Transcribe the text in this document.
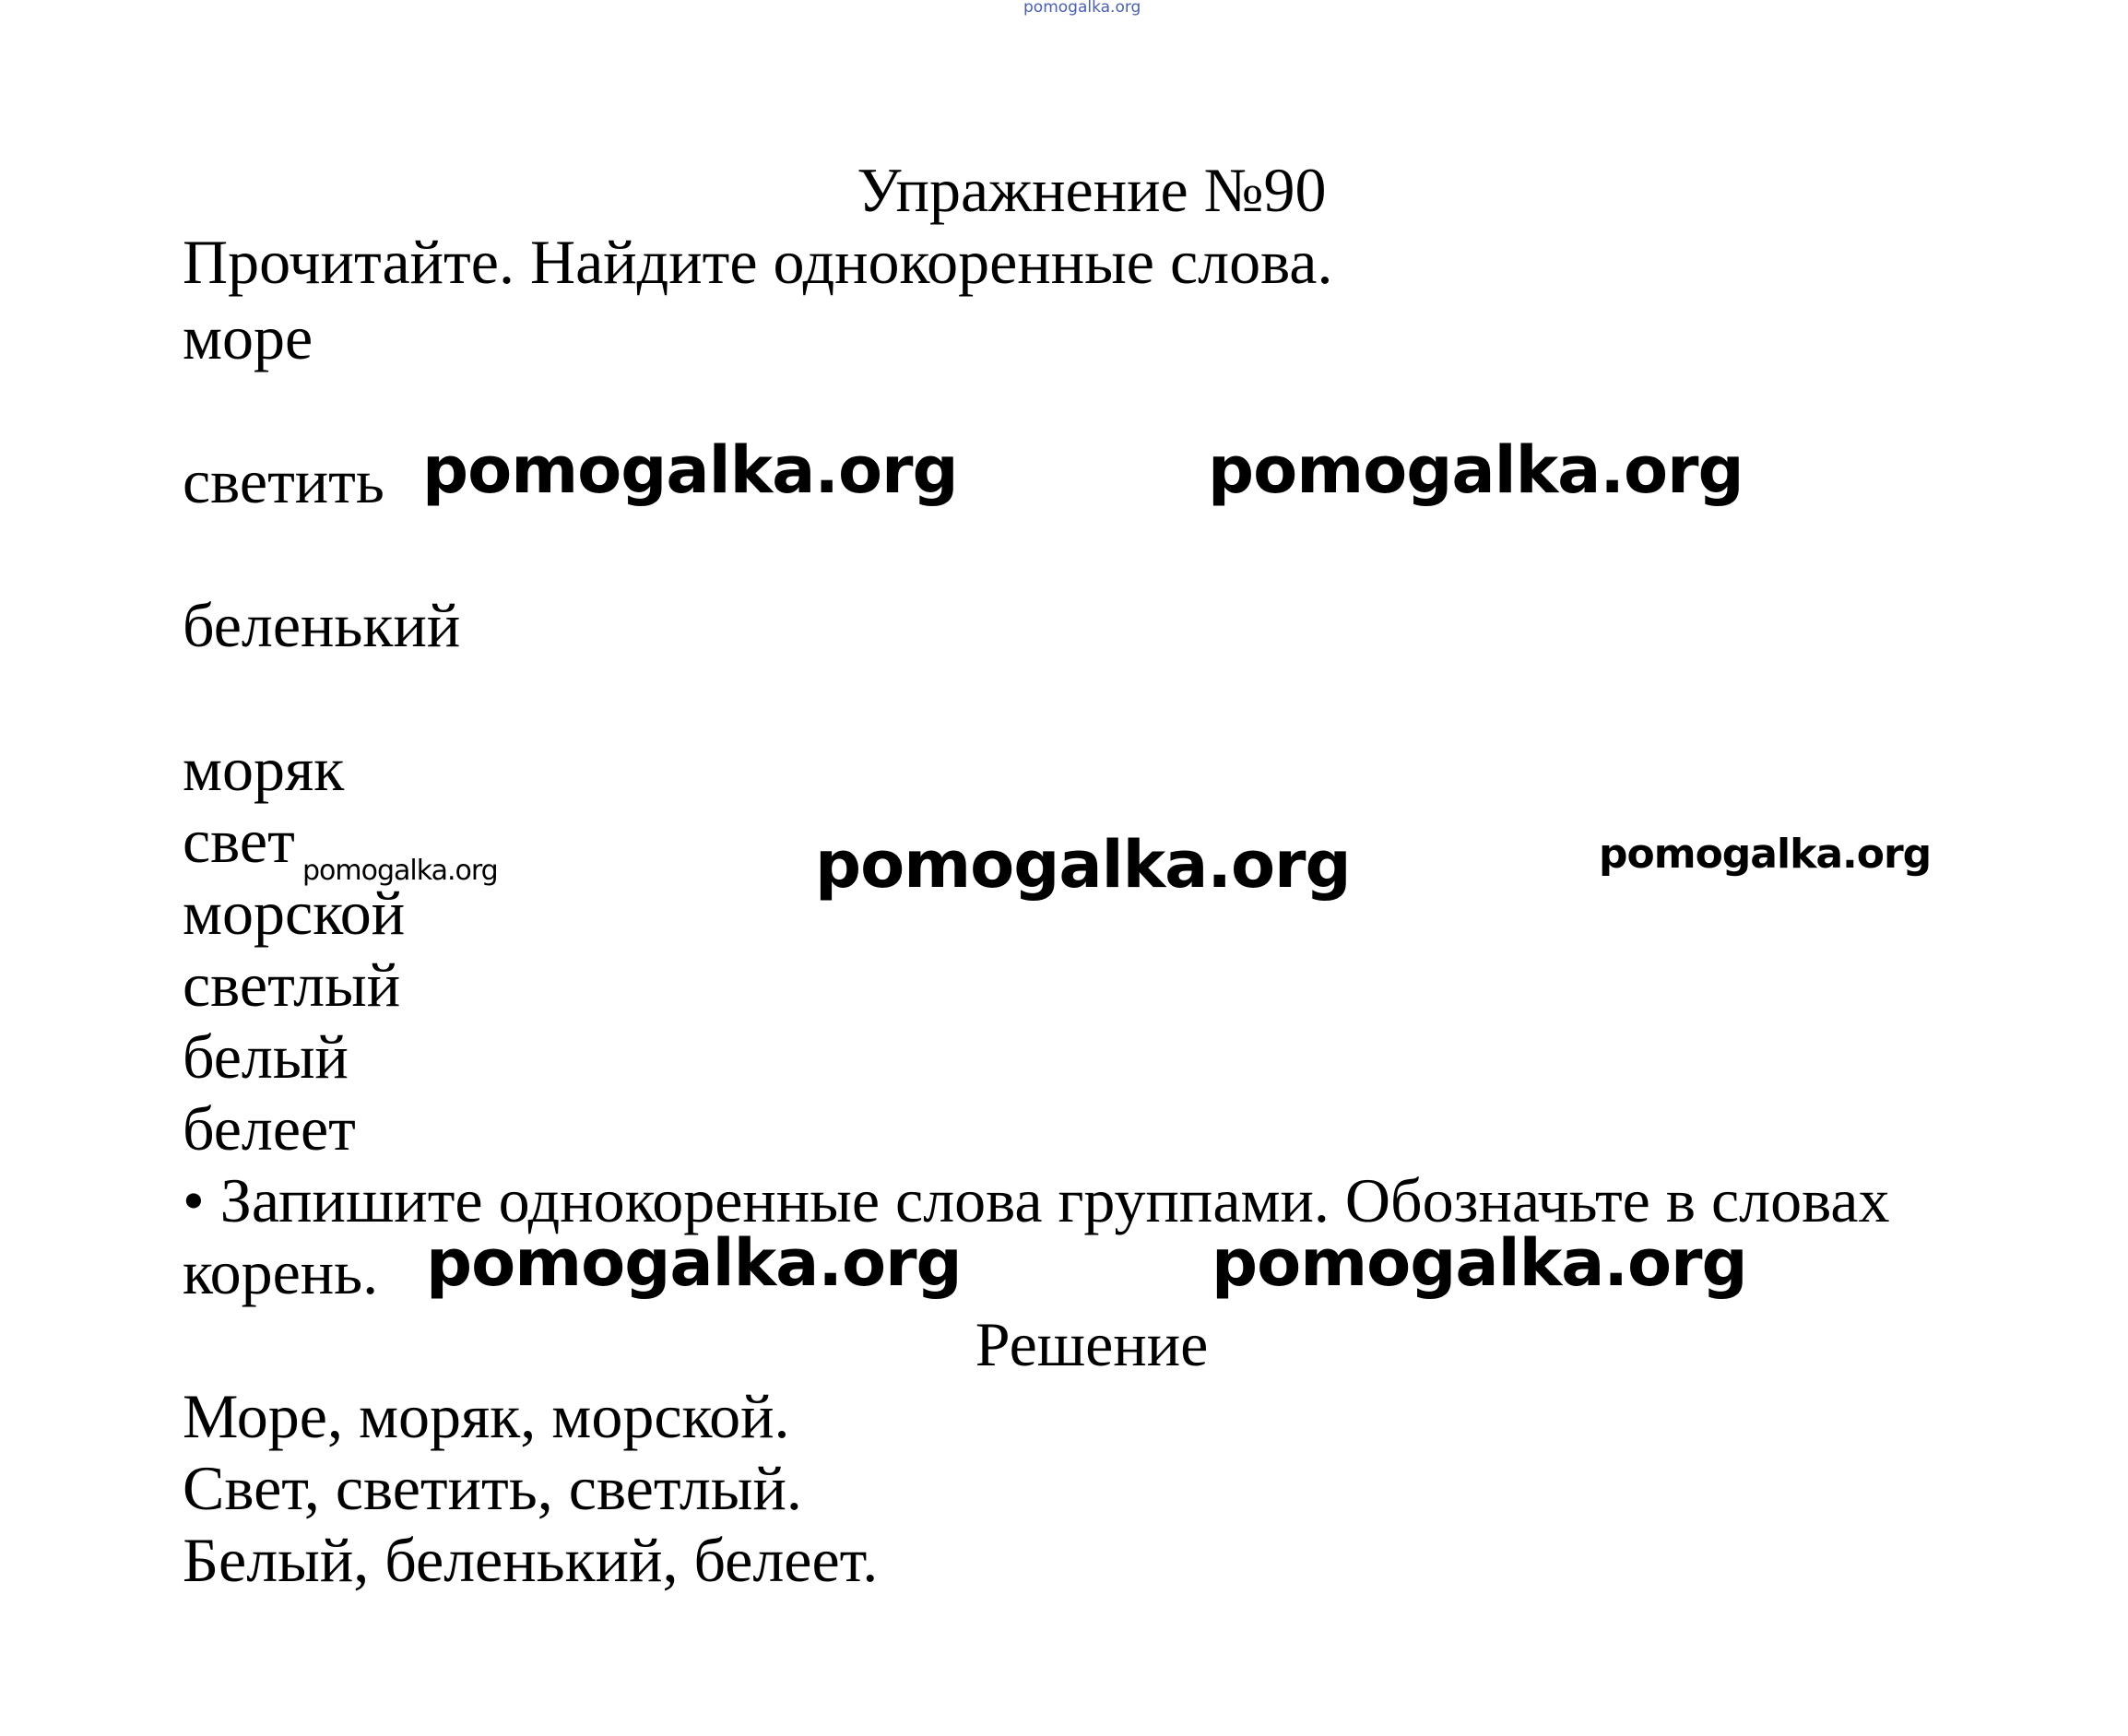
pomogalka.org
Упражнение №90
Прочитайте. Найдите однокоренные слова.
море
светить pomogalka.org	pomogalka.org
беленький
моряк
свет pomogalka.org	pomogalka.org	pomogalka.org
морской
светлый
белый
белеет
• Запишите однокоренные слова группами. Обозначьте в словах
корень. pomogalka.org	pomogalka.org
Решение
Море, моряк, морской.
Свет, светить, светлый.
Белый, беленький, белеет.
